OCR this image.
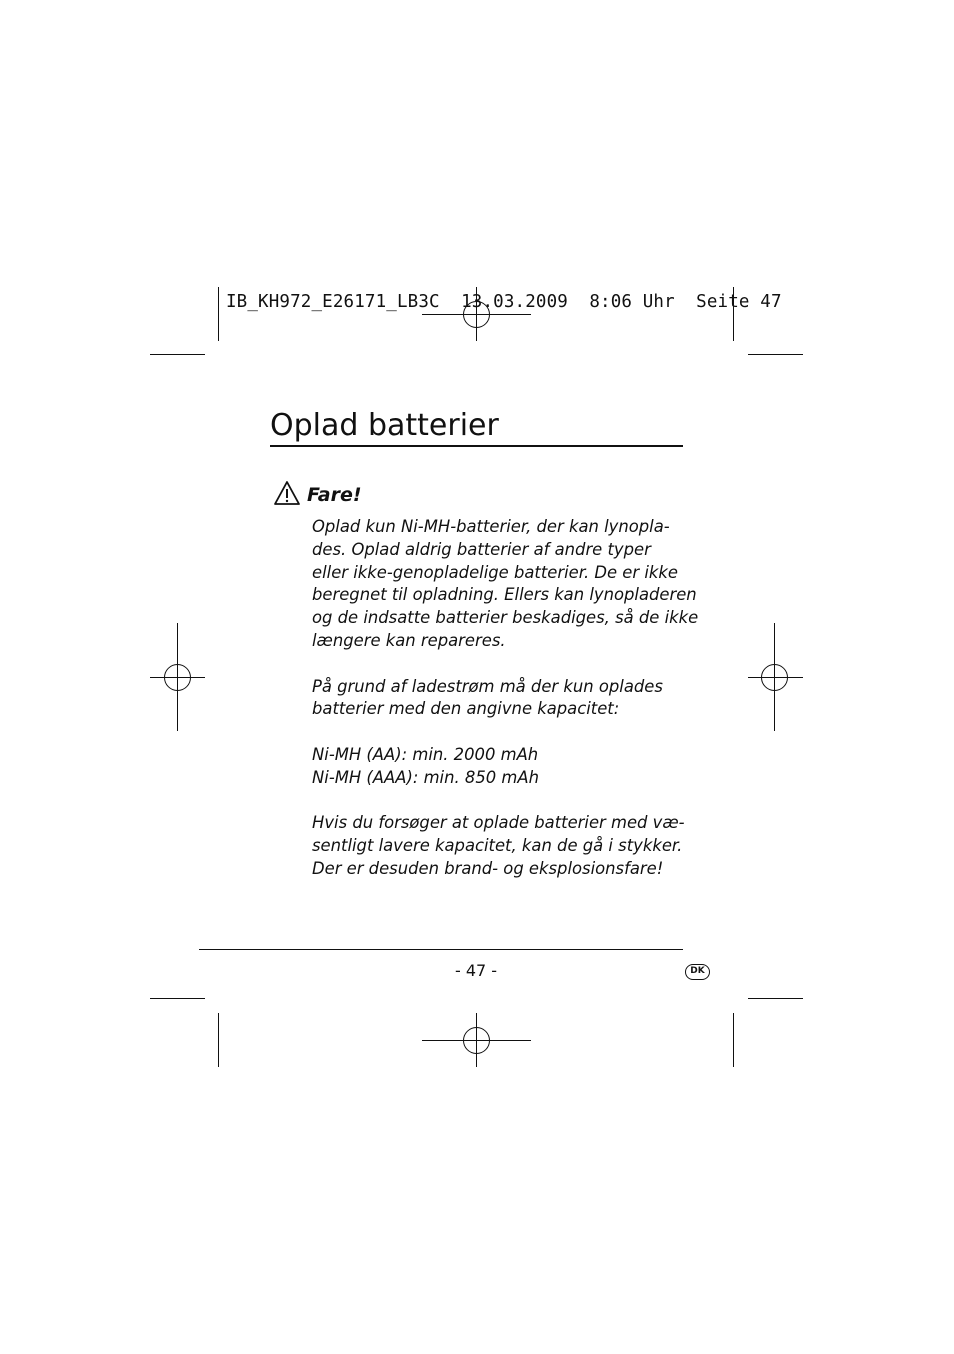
IB_KH972_E26171_LB3C  13.03.2009  8:06 Uhr  Seite 47
Oplad batterier
Fare!

Oplad kun Ni-MH-batterier, der kan lynopla-

des. Oplad aldrig batterier af andre typer

eller ikke-genopladelige batterier. De er ikke

beregnet til opladning. Ellers kan lynopladeren

og de indsatte batterier beskadiges, så de ikke

længere kan repareres.

På grund af ladestrøm må der kun oplades

batterier med den angivne kapacitet:

Ni-MH (AA): min. 2000 mAh

Ni-MH (AAA): min. 850 mAh

Hvis du forsøger at oplade batterier med væ-

sentligt lavere kapacitet, kan de gå i stykker.

Der er desuden brand- og eksplosionsfare!

- 47 -	DK
